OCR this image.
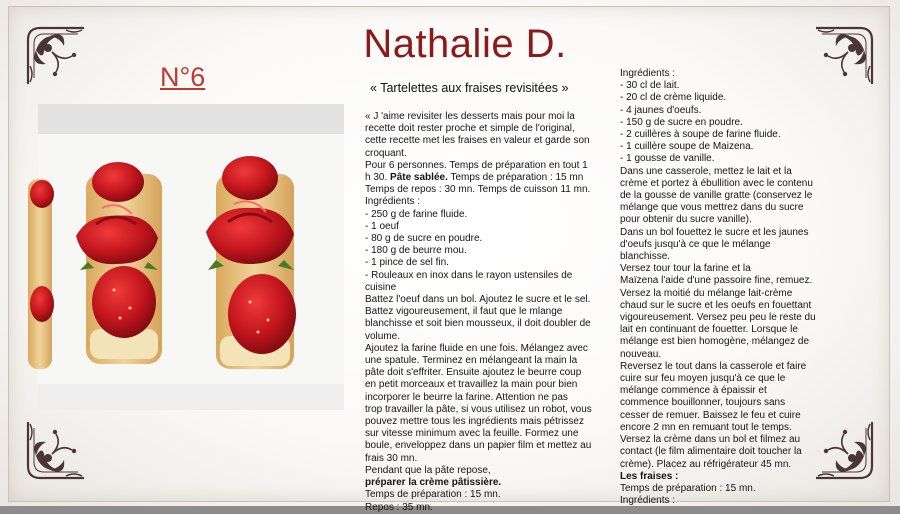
Nathalie D.
N°6	« Tartelettes aux fraises revisitées »
« J 'aime revisiter les desserts mais pour moi la
recette doit rester proche et simple de l'original,
cette recette met les fraises en valeur et garde son
croquant.
Pour 6 personnes. Temps de préparation en tout 1
h 30. Pâte sablée. Temps de préparation : 15 mn
Temps de repos : 30 mn. Temps de cuisson 11 mn.
Ingrédients :
- 250 g de farine fluide.
- 1 oeuf
- 80 g de sucre en poudre.
- 180 g de beurre mou.
- 1 pince de sel fin.
- Rouleaux en inox dans le rayon ustensiles de
cuisine
Battez l'oeuf dans un bol. Ajoutez le sucre et le sel.
Battez vigoureusement, il faut que le mlange
blanchisse et soit bien mousseux, il doit doubler de
volume.
Ajoutez la farine fluide en une fois. Mélangez avec
une spatule. Terminez en mélangeant la main la
pâte doit s'effriter. Ensuite ajoutez le beurre coup
en petit morceaux et travaillez la main pour bien
incorporer le beurre la farine. Attention ne pas
trop travailler la pâte, si vous utilisez un robot, vous
pouvez mettre tous les ingrédients mais pétrissez
sur vitesse minimum avec la feuille. Formez une
boule, enveloppez dans un papier film et mettez au
frais 30 mn.
Pendant que la pâte repose,
préparer la crème pâtissière.
Temps de préparation : 15 mn.
Repos : 35 mn.
Ingrédients :
- 30 cl de lait.
- 20 cl de crème liquide.
- 4 jaunes d'oeufs.
- 150 g de sucre en poudre.
- 2 cuillères à soupe de farine fluide.
- 1 cuillère soupe de Maizena.
- 1 gousse de vanille.
Dans une casserole, mettez le lait et la
crème et portez à ébullition avec le contenu
de la gousse de vanille gratte (conservez le
mélange que vous mettrez dans du sucre
pour obtenir du sucre vanille).
Dans un bol fouettez le sucre et les jaunes
d'oeufs jusqu'à ce que le mélange
blanchisse.
Versez tour tour la farine et la
Maïzena l'aide d'une passoire fine, remuez.
Versez la moitié du mélange lait-crème
chaud sur le sucre et les oeufs en fouettant
vigoureusement. Versez peu peu le reste du
lait en continuant de fouetter. Lorsque le
mélange est bien homogène, mélangez de
nouveau.
Reversez le tout dans la casserole et faire
cuire sur feu moyen jusqu'à ce que le
mélange commence à épaissir et
commence bouillonner, toujours sans
cesser de remuer. Baissez le feu et cuire
encore 2 mn en remuant tout le temps.
Versez la crème dans un bol et filmez au
contact (le film alimentaire doit toucher la
crème). Placez au réfrigérateur 45 mn.
Les fraises :
Temps de préparation : 15 mn.
Ingrédients :
